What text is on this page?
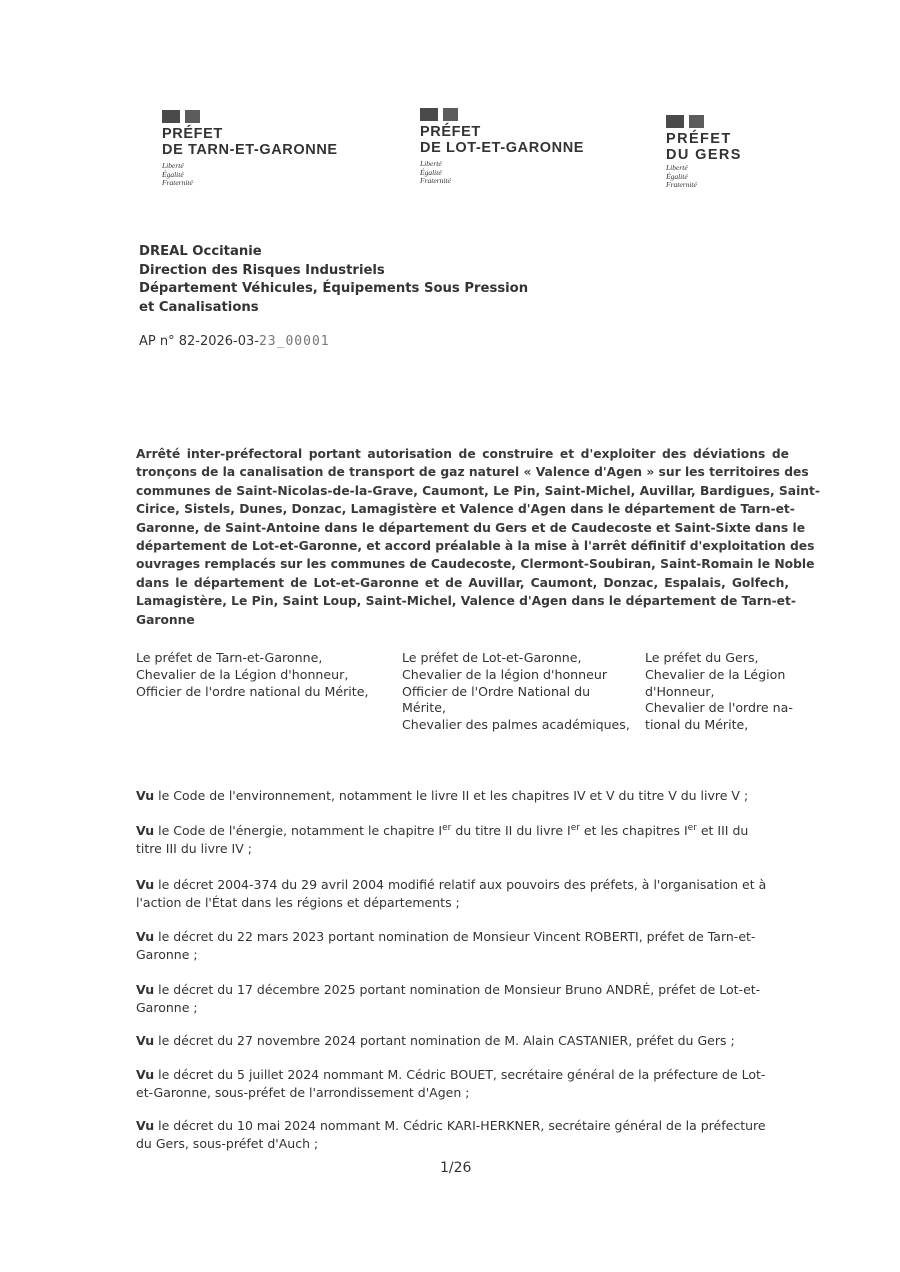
PRÉFET
DE TARN-ET-GARONNE
Liberté
Égalité
Fraternité
PRÉFET
DE LOT-ET-GARONNE
Liberté
Égalité
Fraternité
PRÉFET
DU GERS
Liberté
Égalité
Fraternité
DREAL Occitanie
Direction des Risques Industriels
Département Véhicules, Équipements Sous Pression
et Canalisations
AP n° 82-2026-03-23_00001
Arrêté inter-préfectoral portant autorisation de construire et d'exploiter des déviations de
tronçons de la canalisation de transport de gaz naturel « Valence d'Agen » sur les territoires des
communes de Saint-Nicolas-de-la-Grave, Caumont, Le Pin, Saint-Michel, Auvillar, Bardigues, Saint-
Cirice, Sistels, Dunes, Donzac, Lamagistère et Valence d'Agen dans le département de Tarn-et-
Garonne, de Saint-Antoine dans le département du Gers et de Caudecoste et Saint-Sixte dans le
département de Lot-et-Garonne, et accord préalable à la mise à l'arrêt définitif d'exploitation des
ouvrages remplacés sur les communes de Caudecoste, Clermont-Soubiran, Saint-Romain le Noble
dans le département de Lot-et-Garonne et de Auvillar, Caumont, Donzac, Espalais, Golfech,
Lamagistère, Le Pin, Saint Loup, Saint-Michel, Valence d'Agen dans le département de Tarn-et-
Garonne
Le préfet de Tarn-et-Garonne,
Chevalier de la Légion d'honneur,
Officier de l'ordre national du Mérite,
Le préfet de Lot-et-Garonne,
Chevalier de la légion d'honneur
Officier de l'Ordre National du
Mérite,
Chevalier des palmes académiques,
Le préfet du Gers,
Chevalier de la Légion
d'Honneur,
Chevalier de l'ordre na-
tional du Mérite,
Vu le Code de l'environnement, notamment le livre II et les chapitres IV et V du titre V du livre V ;
Vu le Code de l'énergie, notamment le chapitre Ier du titre II du livre Ier et les chapitres Ier et III du
titre III du livre IV ;
Vu le décret 2004-374 du 29 avril 2004 modifié relatif aux pouvoirs des préfets, à l'organisation et à
l'action de l'État dans les régions et départements ;
Vu le décret du 22 mars 2023 portant nomination de Monsieur Vincent ROBERTI, préfet de Tarn-et-
Garonne ;
Vu le décret du 17 décembre 2025 portant nomination de Monsieur Bruno ANDRÉ, préfet de Lot-et-
Garonne ;
Vu le décret du 27 novembre 2024 portant nomination de M. Alain CASTANIER, préfet du Gers ;
Vu le décret du 5 juillet 2024 nommant M. Cédric BOUET, secrétaire général de la préfecture de Lot-
et-Garonne, sous-préfet de l'arrondissement d'Agen ;
Vu le décret du 10 mai 2024 nommant M. Cédric KARI-HERKNER, secrétaire général de la préfecture
du Gers, sous-préfet d'Auch ;
1/26
